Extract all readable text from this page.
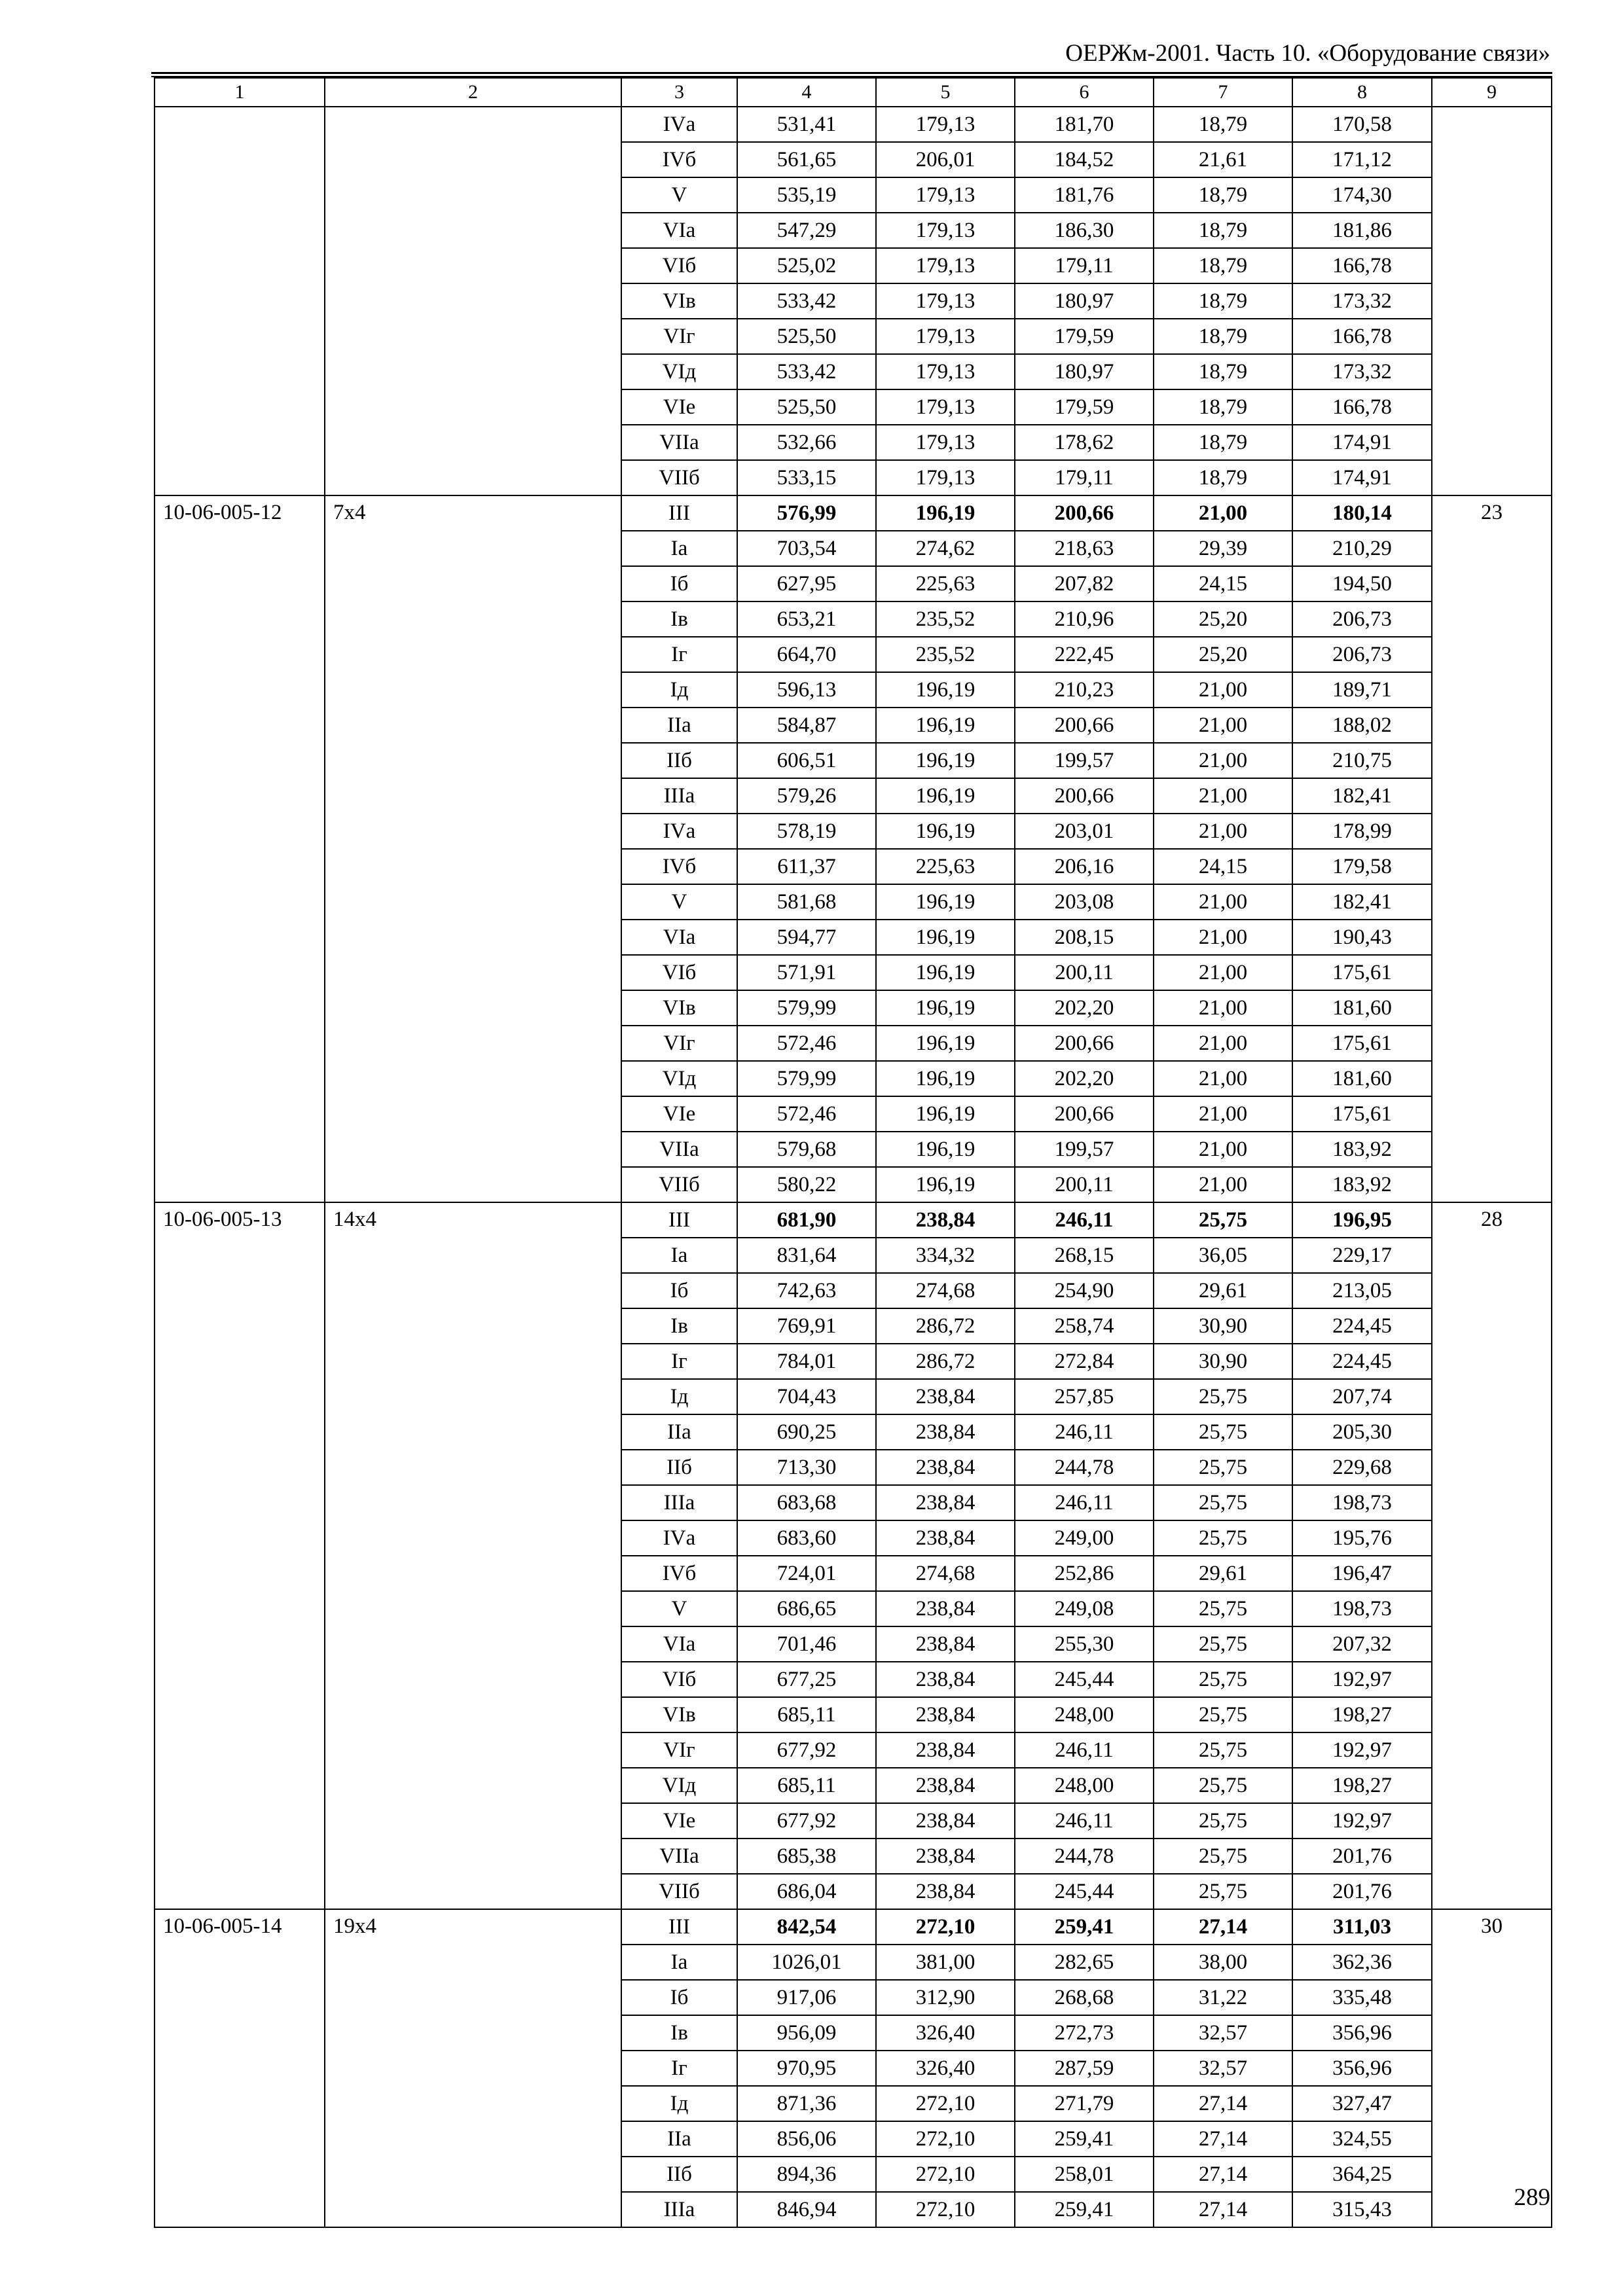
ОЕРЖм-2001. Часть 10. «Оборудование связи»
1	2	3	4	5	6	7	8	9
		IVа	531,41	179,13	181,70	18,79	170,58	
		IVб	561,65	206,01	184,52	21,61	171,12	
		V	535,19	179,13	181,76	18,79	174,30	
		VIа	547,29	179,13	186,30	18,79	181,86	
		VIб	525,02	179,13	179,11	18,79	166,78	
		VIв	533,42	179,13	180,97	18,79	173,32	
		VIг	525,50	179,13	179,59	18,79	166,78	
		VIд	533,42	179,13	180,97	18,79	173,32	
		VIе	525,50	179,13	179,59	18,79	166,78	
		VIIа	532,66	179,13	178,62	18,79	174,91	
		VIIб	533,15	179,13	179,11	18,79	174,91	
10-06-005-12	7х4	III	576,99	196,19	200,66	21,00	180,14	23
		Iа	703,54	274,62	218,63	29,39	210,29	
		Iб	627,95	225,63	207,82	24,15	194,50	
		Iв	653,21	235,52	210,96	25,20	206,73	
		Iг	664,70	235,52	222,45	25,20	206,73	
		Iд	596,13	196,19	210,23	21,00	189,71	
		IIа	584,87	196,19	200,66	21,00	188,02	
		IIб	606,51	196,19	199,57	21,00	210,75	
		IIIа	579,26	196,19	200,66	21,00	182,41	
		IVа	578,19	196,19	203,01	21,00	178,99	
		IVб	611,37	225,63	206,16	24,15	179,58	
		V	581,68	196,19	203,08	21,00	182,41	
		VIа	594,77	196,19	208,15	21,00	190,43	
		VIб	571,91	196,19	200,11	21,00	175,61	
		VIв	579,99	196,19	202,20	21,00	181,60	
		VIг	572,46	196,19	200,66	21,00	175,61	
		VIд	579,99	196,19	202,20	21,00	181,60	
		VIе	572,46	196,19	200,66	21,00	175,61	
		VIIа	579,68	196,19	199,57	21,00	183,92	
		VIIб	580,22	196,19	200,11	21,00	183,92	
10-06-005-13	14х4	III	681,90	238,84	246,11	25,75	196,95	28
		Iа	831,64	334,32	268,15	36,05	229,17	
		Iб	742,63	274,68	254,90	29,61	213,05	
		Iв	769,91	286,72	258,74	30,90	224,45	
		Iг	784,01	286,72	272,84	30,90	224,45	
		Iд	704,43	238,84	257,85	25,75	207,74	
		IIа	690,25	238,84	246,11	25,75	205,30	
		IIб	713,30	238,84	244,78	25,75	229,68	
		IIIа	683,68	238,84	246,11	25,75	198,73	
		IVа	683,60	238,84	249,00	25,75	195,76	
		IVб	724,01	274,68	252,86	29,61	196,47	
		V	686,65	238,84	249,08	25,75	198,73	
		VIа	701,46	238,84	255,30	25,75	207,32	
		VIб	677,25	238,84	245,44	25,75	192,97	
		VIв	685,11	238,84	248,00	25,75	198,27	
		VIг	677,92	238,84	246,11	25,75	192,97	
		VIд	685,11	238,84	248,00	25,75	198,27	
		VIе	677,92	238,84	246,11	25,75	192,97	
		VIIа	685,38	238,84	244,78	25,75	201,76	
		VIIб	686,04	238,84	245,44	25,75	201,76	
10-06-005-14	19х4	III	842,54	272,10	259,41	27,14	311,03	30
		Iа	1026,01	381,00	282,65	38,00	362,36	
		Iб	917,06	312,90	268,68	31,22	335,48	
		Iв	956,09	326,40	272,73	32,57	356,96	
		Iг	970,95	326,40	287,59	32,57	356,96	
		Iд	871,36	272,10	271,79	27,14	327,47	
		IIа	856,06	272,10	259,41	27,14	324,55	
		IIб	894,36	272,10	258,01	27,14	364,25	
		IIIа	846,94	272,10	259,41	27,14	315,43		289
